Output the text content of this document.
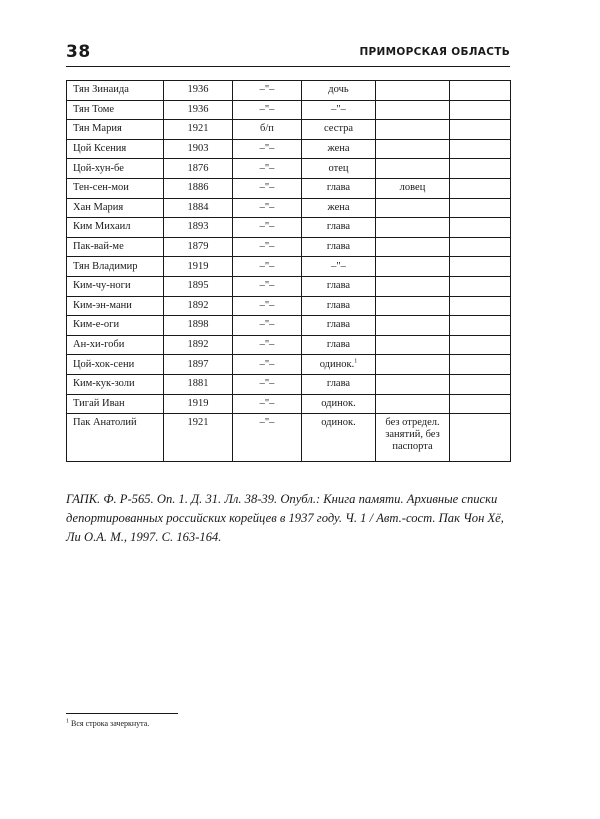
38	ПРИМОРСКАЯ ОБЛАСТЬ
Тян Зинаида	1936	–"–	дочь		
Тян Томе	1936	–"–	–"–		
Тян Мария	1921	б/п	сестра		
Цой Ксения	1903	–"–	жена		
Цой-хун-бе	1876	–"–	отец		
Тен-сен-мои	1886	–"–	глава	ловец	
Хан Мария	1884	–"–	жена		
Ким Михаил	1893	–"–	глава		
Пак-вай-ме	1879	–"–	глава		
Тян Владимир	1919	–"–	–"–		
Ким-чу-ноги	1895	–"–	глава		
Ким-эн-мани	1892	–"–	глава		
Ким-е-оги	1898	–"–	глава		
Ан-хи-гоби	1892	–"–	глава		
Цой-хок-сени	1897	–"–	одинок.$^1$		
Ким-кук-золи	1881	–"–	глава		
Тигай Иван	1919	–"–	одинок.		
Пак Анатолий	1921	–"–	одинок.	без отредел. занятий, без паспорта	
ГАПК. Ф. Р-565. Оп. 1. Д. 31. Лл. 38-39. Опубл.: Книга памяти. Архивные списки депортированных российских корейцев в 1937 году. Ч. 1 / Авт.-сост. Пак Чон Хё, Ли О.А. М., 1997. С. 163-164.
$^1$ Вся строка зачеркнута.
